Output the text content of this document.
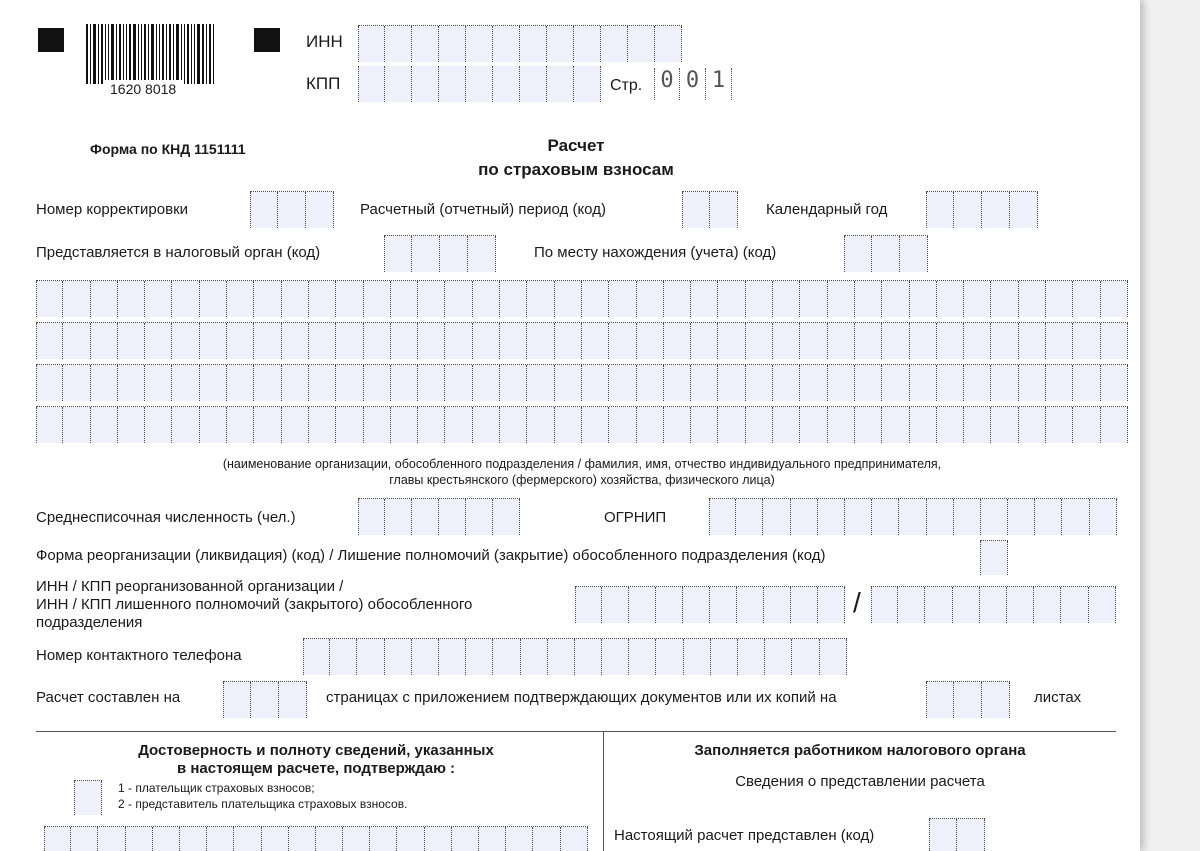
1620 8018
ИНН
КПП	Стр. 0 0 1
Форма по КНД 1151111	Расчет
по страховым взносам
Номер корректировки	Расчетный (отчетный) период (код)	Календарный год
Представляется в налоговый орган (код)	По месту нахождения (учета) (код)
(наименование организации, обособленного подразделения / фамилия, имя, отчество индивидуального предпринимателя,
главы крестьянского (фермерского) хозяйства, физического лица)
Среднесписочная численность (чел.)	ОГРНИП
Форма реорганизации (ликвидация) (код) / Лишение полномочий (закрытие) обособленного подразделения (код)
ИНН / КПП реорганизованной организации /
ИНН / КПП лишенного полномочий (закрытого) обособленного
подразделения
/
Номер контактного телефона
Расчет составлен на	страницах с приложением подтверждающих документов или их копий на	листах
Достоверность и полноту сведений, указанных
в настоящем расчете, подтверждаю :
1 - плательщик страховых взносов;
2 - представитель плательщика страховых взносов.
Заполняется работником налогового органа
Сведения о представлении расчета
Настоящий расчет представлен (код)
